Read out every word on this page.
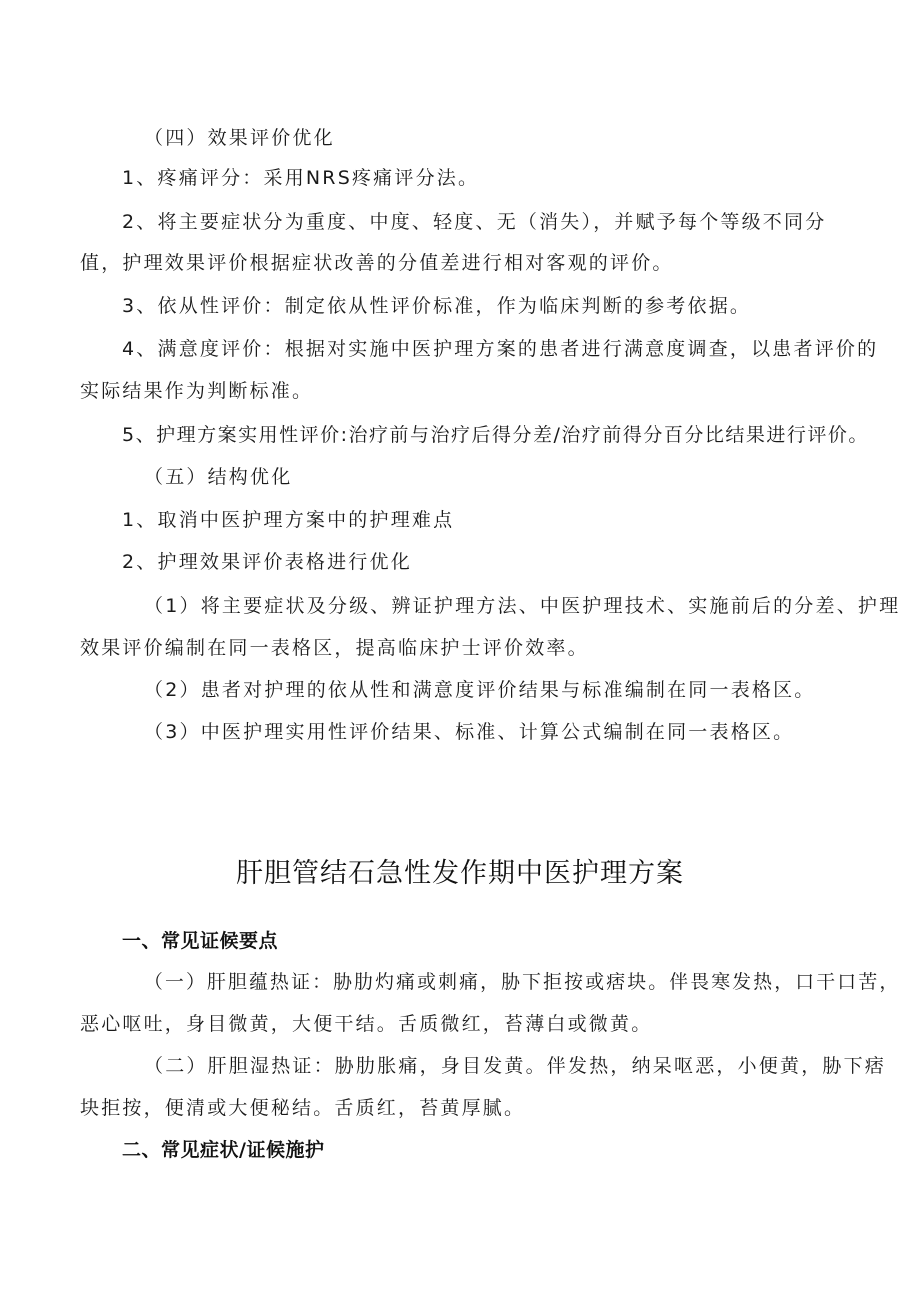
（四）效果评价优化
1、疼痛评分：采用NRS疼痛评分法。
2、将主要症状分为重度、中度、轻度、无（消失），并赋予每个等级不同分
值，护理效果评价根据症状改善的分值差进行相对客观的评价。
3、依从性评价：制定依从性评价标准，作为临床判断的参考依据。
4、满意度评价：根据对实施中医护理方案的患者进行满意度调查，以患者评价的
实际结果作为判断标准。
5、护理方案实用性评价:治疗前与治疗后得分差/治疗前得分百分比结果进行评价。
（五）结构优化
1、取消中医护理方案中的护理难点
2、护理效果评价表格进行优化
（1）将主要症状及分级、辨证护理方法、中医护理技术、实施前后的分差、护理
效果评价编制在同一表格区，提高临床护士评价效率。
（2）患者对护理的依从性和满意度评价结果与标准编制在同一表格区。
（3）中医护理实用性评价结果、标准、计算公式编制在同一表格区。
肝胆管结石急性发作期中医护理方案
一、常见证候要点
（一）肝胆蕴热证：胁肋灼痛或刺痛，胁下拒按或痞块。伴畏寒发热，口干口苦，
恶心呕吐，身目微黄，大便干结。舌质微红，苔薄白或微黄。
（二）肝胆湿热证：胁肋胀痛，身目发黄。伴发热，纳呆呕恶，小便黄，胁下痞
块拒按，便清或大便秘结。舌质红，苔黄厚腻。
二、常见症状/证候施护
